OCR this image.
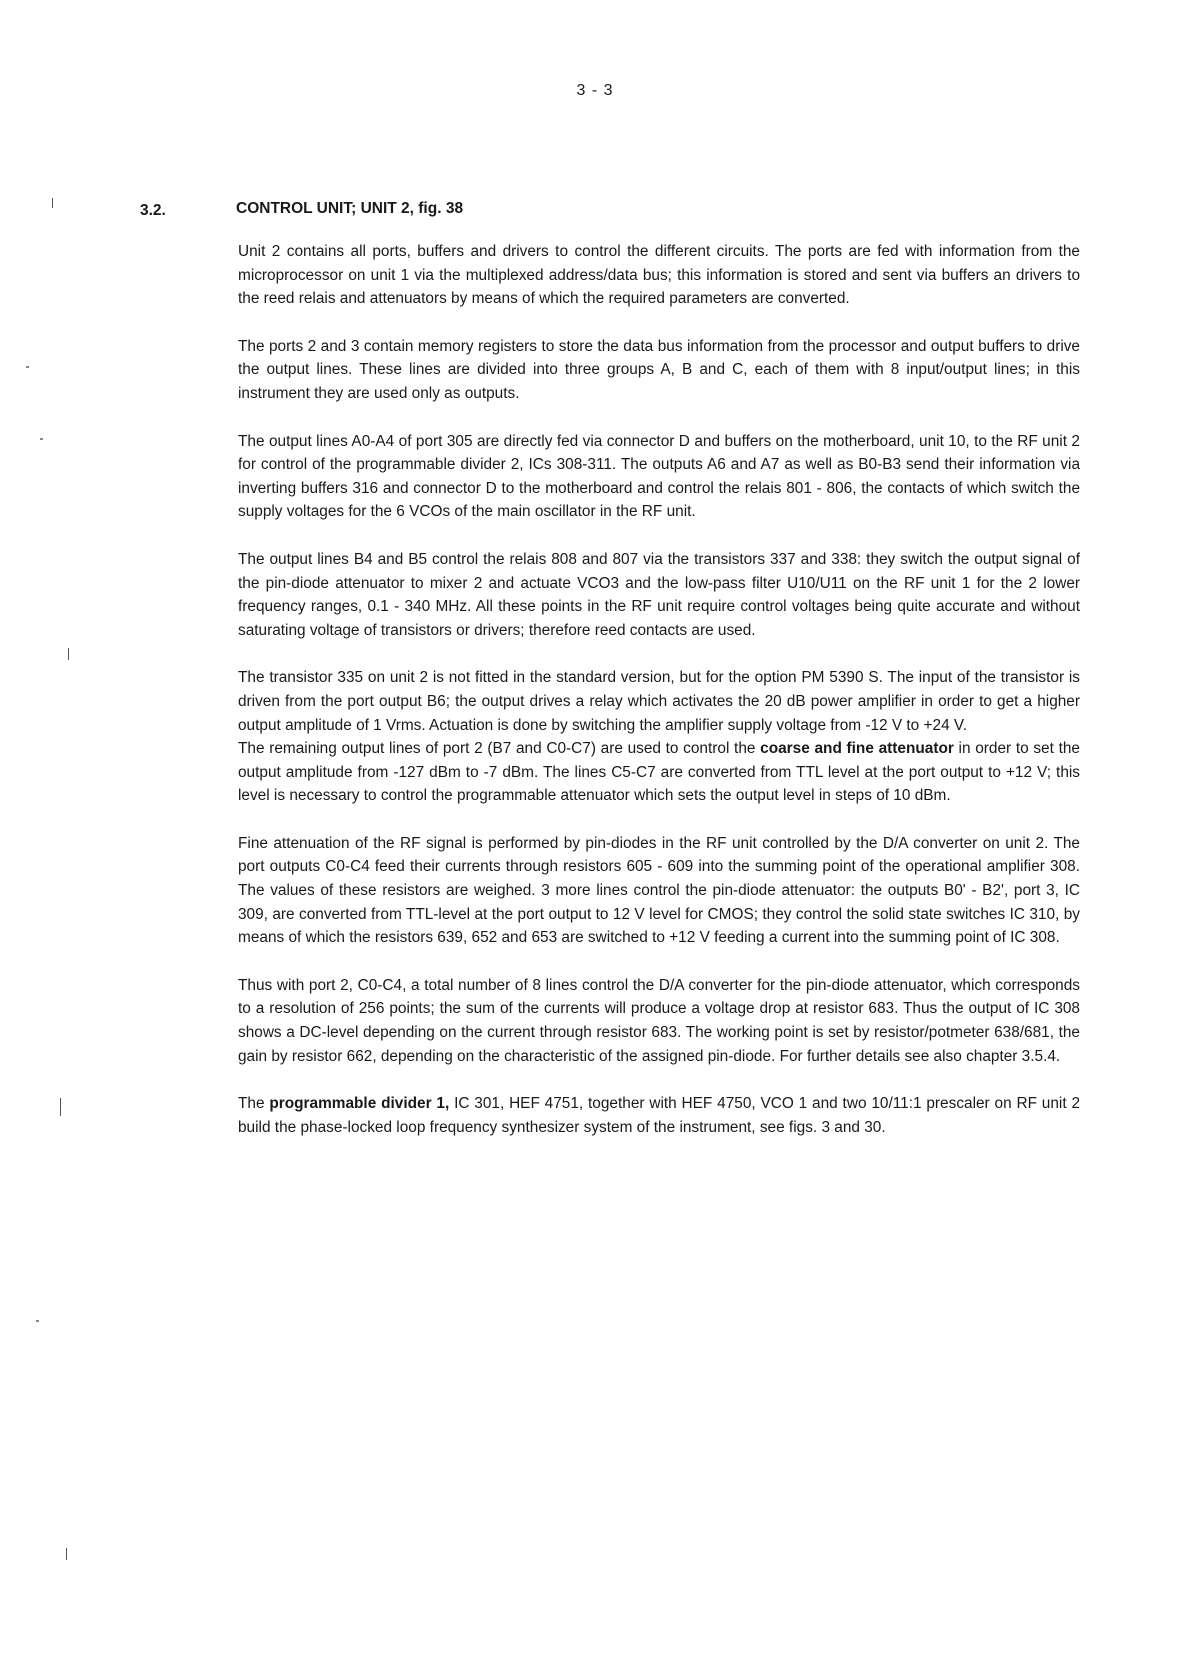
3 - 3
3.2.	CONTROL UNIT; UNIT 2, fig. 38

Unit 2 contains all ports, buffers and drivers to control the different circuits. The ports are fed with information from the microprocessor on unit 1 via the multiplexed address/data bus; this information is stored and sent via buffers an drivers to the reed relais and attenuators by means of which the required parameters are converted.

The ports 2 and 3 contain memory registers to store the data bus information from the processor and output buffers to drive the output lines. These lines are divided into three groups A, B and C, each of them with 8 input/output lines; in this instrument they are used only as outputs.

The output lines A0-A4 of port 305 are directly fed via connector D and buffers on the motherboard, unit 10, to the RF unit 2 for control of the programmable divider 2, ICs 308-311. The outputs A6 and A7 as well as B0-B3 send their information via inverting buffers 316 and connector D to the motherboard and control the relais 801 - 806, the contacts of which switch the supply voltages for the 6 VCOs of the main oscillator in the RF unit.

The output lines B4 and B5 control the relais 808 and 807 via the transistors 337 and 338: they switch the output signal of the pin-diode attenuator to mixer 2 and actuate VCO3 and the low-pass filter U10/U11 on the RF unit 1 for the 2 lower frequency ranges, 0.1 - 340 MHz. All these points in the RF unit require control voltages being quite accurate and without saturating voltage of transistors or drivers; therefore reed contacts are used.

The transistor 335 on unit 2 is not fitted in the standard version, but for the option PM 5390 S. The input of the transistor is driven from the port output B6; the output drives a relay which activates the 20 dB power amplifier in order to get a higher output amplitude of 1 Vrms. Actuation is done by switching the amplifier supply voltage from -12 V to +24 V.

The remaining output lines of port 2 (B7 and C0-C7) are used to control the coarse and fine attenuator in order to set the output amplitude from -127 dBm to -7 dBm. The lines C5-C7 are converted from TTL level at the port output to +12 V; this level is necessary to control the programmable attenuator which sets the output level in steps of 10 dBm.

Fine attenuation of the RF signal is performed by pin-diodes in the RF unit controlled by the D/A converter on unit 2. The port outputs C0-C4 feed their currents through resistors 605 - 609 into the summing point of the operational amplifier 308. The values of these resistors are weighed. 3 more lines control the pin-diode attenuator: the outputs B0' - B2', port 3, IC 309, are converted from TTL-level at the port output to 12 V level for CMOS; they control the solid state switches IC 310, by means of which the resistors 639, 652 and 653 are switched to +12 V feeding a current into the summing point of IC 308.

Thus with port 2, C0-C4, a total number of 8 lines control the D/A converter for the pin-diode attenuator, which corresponds to a resolution of 256 points; the sum of the currents will produce a voltage drop at resistor 683. Thus the output of IC 308 shows a DC-level depending on the current through resistor 683. The working point is set by resistor/potmeter 638/681, the gain by resistor 662, depending on the characteristic of the assigned pin-diode. For further details see also chapter 3.5.4.

The programmable divider 1, IC 301, HEF 4751, together with HEF 4750, VCO 1 and two 10/11:1 prescaler on RF unit 2 build the phase-locked loop frequency synthesizer system of the instrument, see figs. 3 and 30.
